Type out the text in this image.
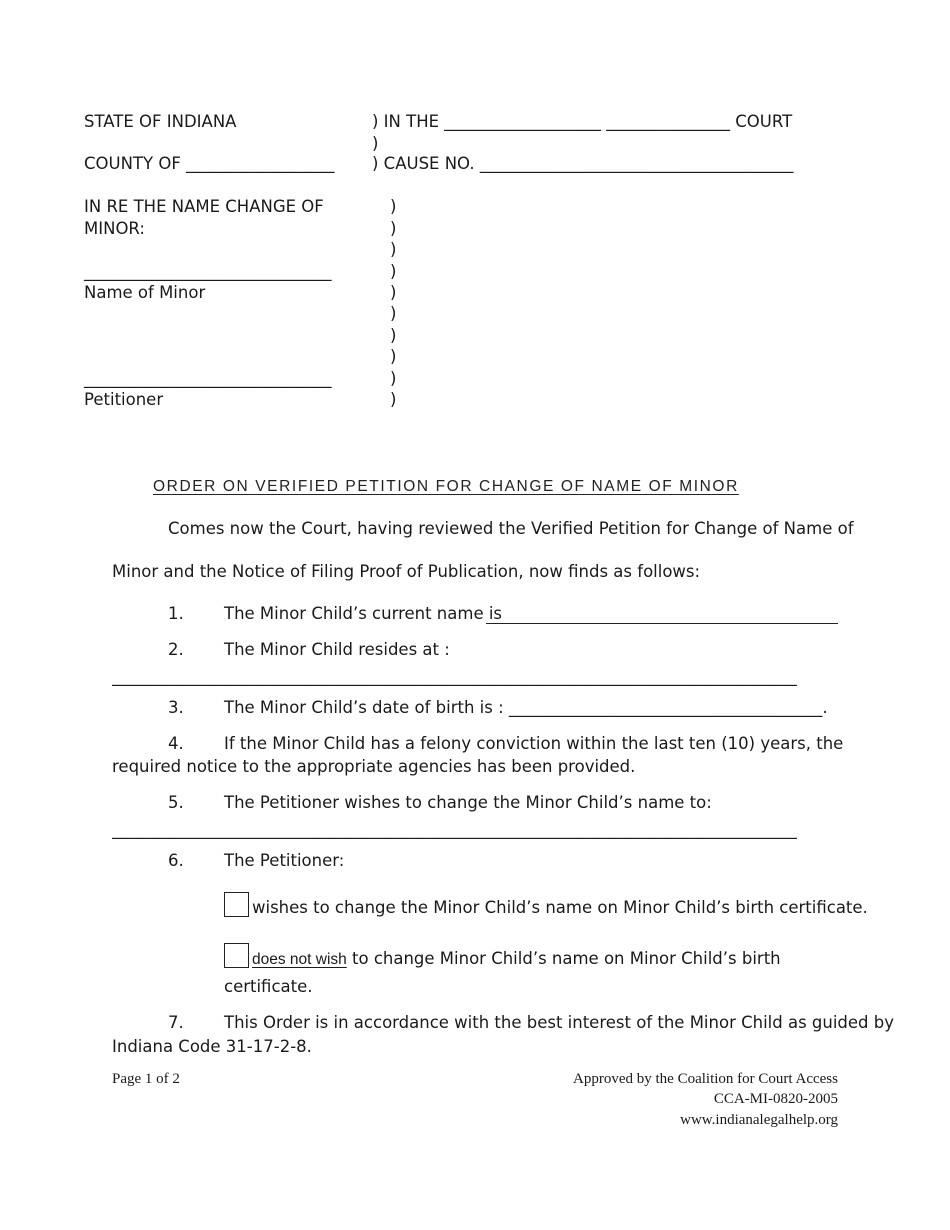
STATE OF INDIANA	) IN THE ___________________ _______________ COURT
)
COUNTY OF __________________ ) CAUSE NO. ______________________________________
IN RE THE NAME CHANGE OF
MINOR:
______________________________
Name of Minor
______________________________
Petitioner
)
)
)
)
)
)
)
)
)
)
ORDER ON VERIFIED PETITION FOR CHANGE OF NAME OF MINOR
Comes now the Court, having reviewed the Verified Petition for Change of Name of
Minor and the Notice of Filing Proof of Publication, now finds as follows:
1. The Minor Child’s current name is
2. The Minor Child resides at :
___________________________________________________________________________________
3. The Minor Child’s date of birth is : ______________________________________.
4. If the Minor Child has a felony conviction within the last ten (10) years, the
required notice to the appropriate agencies has been provided.
5. The Petitioner wishes to change the Minor Child’s name to:
___________________________________________________________________________________
6. The Petitioner:
wishes to change the Minor Child’s name on Minor Child’s birth certificate.
does not wish to change Minor Child’s name on Minor Child’s birth
certificate.
7. This Order is in accordance with the best interest of the Minor Child as guided by
Indiana Code 31-17-2-8.
Page 1 of 2	Approved by the Coalition for Court Access
CCA-MI-0820-2005
www.indianalegalhelp.org
